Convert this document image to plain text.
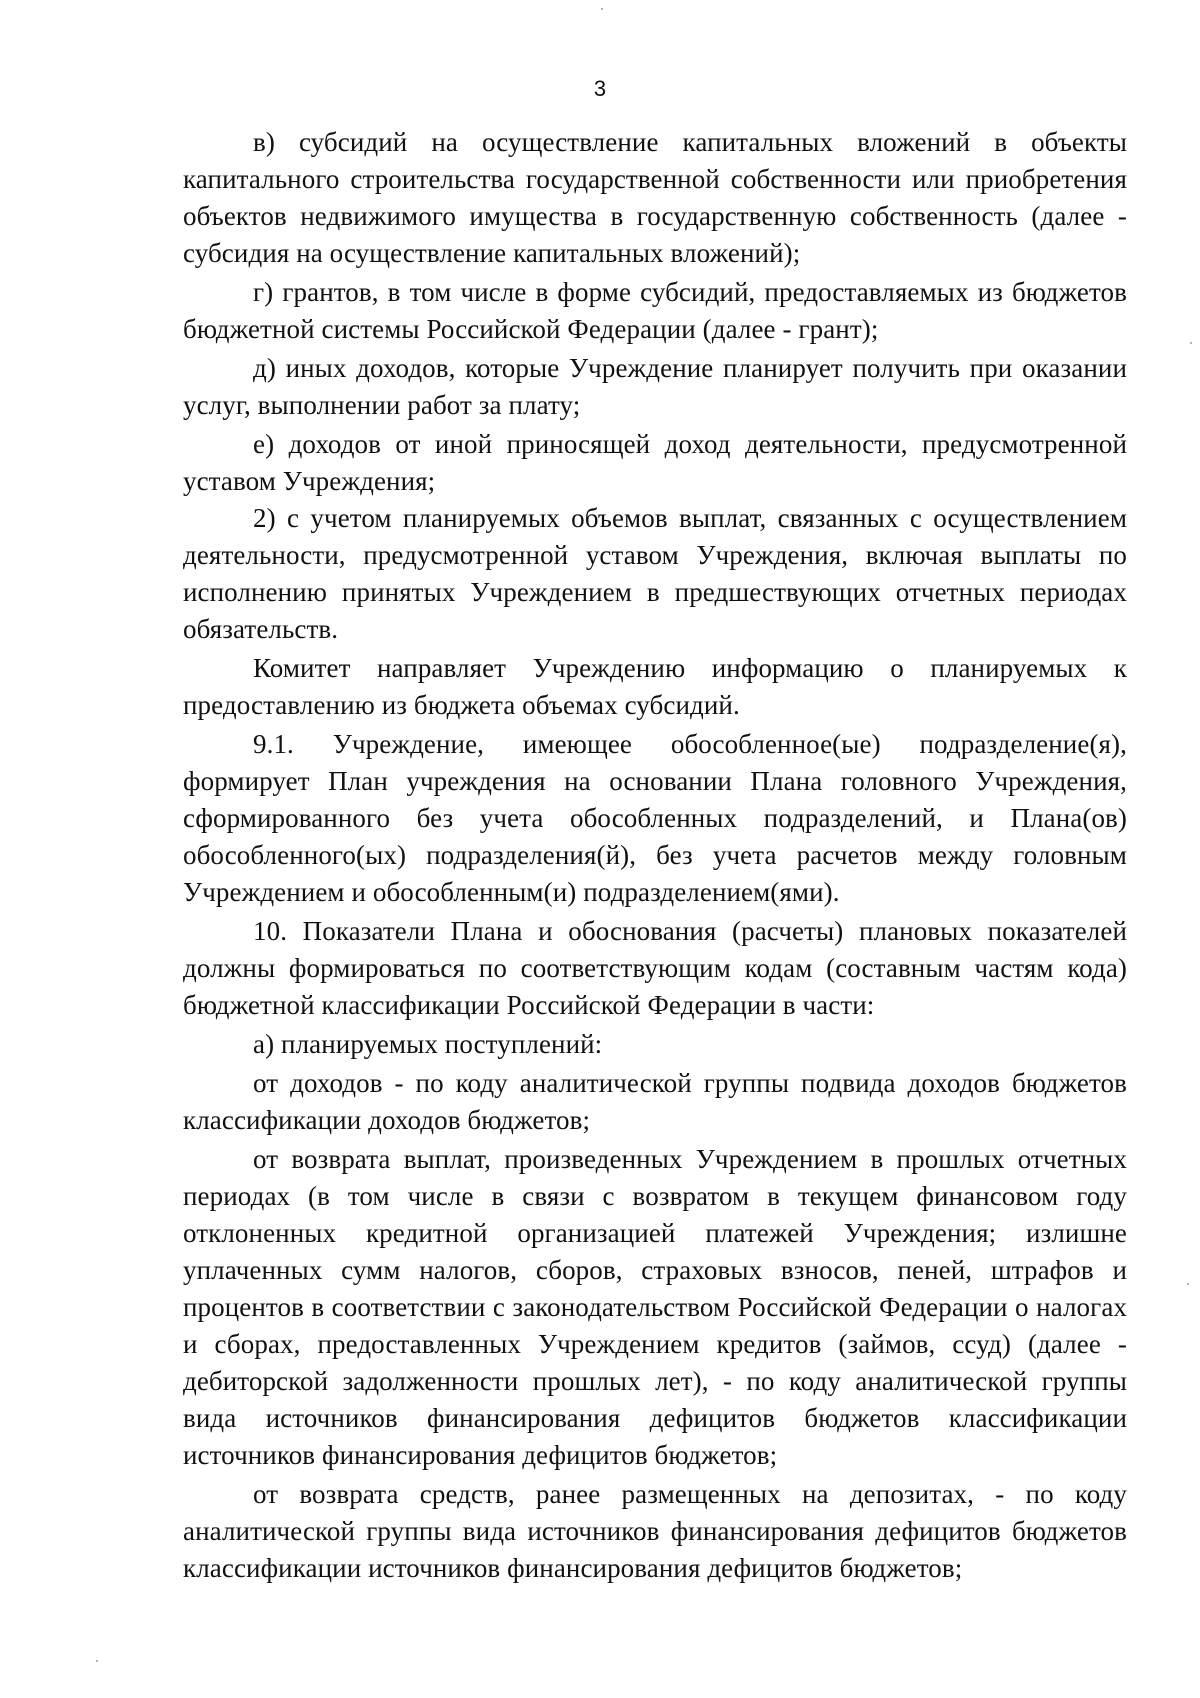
3

в) субсидий на осуществление капитальных вложений в объекты капитального строительства государственной собственности или приобретения объектов недвижимого имущества в государственную собственность (далее - субсидия на осуществление капитальных вложений);

г) грантов, в том числе в форме субсидий, предоставляемых из бюджетов бюджетной системы Российской Федерации (далее - грант);

д) иных доходов, которые Учреждение планирует получить при оказании услуг, выполнении работ за плату;

е) доходов от иной приносящей доход деятельности, предусмотренной уставом Учреждения;

2) с учетом планируемых объемов выплат, связанных с осуществлением деятельности, предусмотренной уставом Учреждения, включая выплаты по исполнению принятых Учреждением в предшествующих отчетных периодах обязательств.

Комитет направляет Учреждению информацию о планируемых к предоставлению из бюджета объемах субсидий.

9.1. Учреждение, имеющее обособленное(ые) подразделение(я), формирует План учреждения на основании Плана головного Учреждения, сформированного без учета обособленных подразделений, и Плана(ов) обособленного(ых) подразделения(й), без учета расчетов между головным Учреждением и обособленным(и) подразделением(ями).

10. Показатели Плана и обоснования (расчеты) плановых показателей должны формироваться по соответствующим кодам (составным частям кода) бюджетной классификации Российской Федерации в части:

а) планируемых поступлений:

от доходов - по коду аналитической группы подвида доходов бюджетов классификации доходов бюджетов;

от возврата выплат, произведенных Учреждением в прошлых отчетных периодах (в том числе в связи с возвратом в текущем финансовом году отклоненных кредитной организацией платежей Учреждения; излишне уплаченных сумм налогов, сборов, страховых взносов, пеней, штрафов и процентов в соответствии с законодательством Российской Федерации о налогах и сборах, предоставленных Учреждением кредитов (займов, ссуд) (далее - дебиторской задолженности прошлых лет), - по коду аналитической группы вида источников финансирования дефицитов бюджетов классификации источников финансирования дефицитов бюджетов;

от возврата средств, ранее размещенных на депозитах, - по коду аналитической группы вида источников финансирования дефицитов бюджетов классификации источников финансирования дефицитов бюджетов;
